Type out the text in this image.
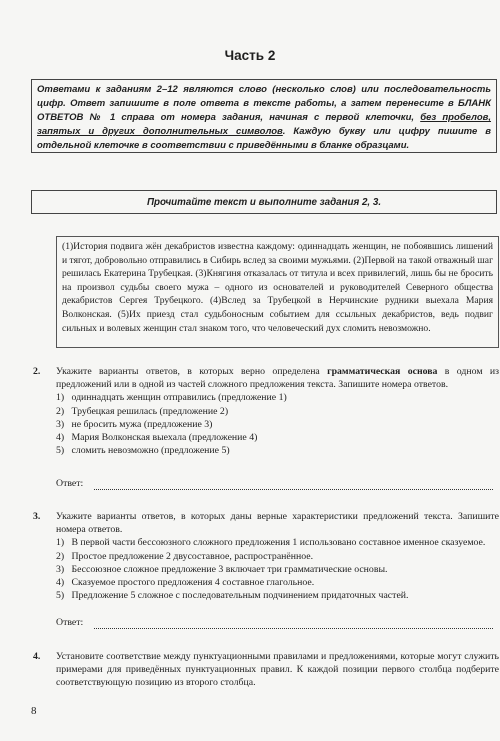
Часть 2
Ответами к заданиям 2–12 являются слово (несколько слов) или последовательность цифр. Ответ запишите в поле ответа в тексте работы, а затем перенесите в БЛАНК ОТВЕТОВ № 1 справа от номера задания, начиная с первой клеточки, без пробелов, запятых и других дополнительных символов. Каждую букву или цифру пишите в отдельной клеточке в соответствии с приведёнными в бланке образцами.
Прочитайте текст и выполните задания 2, 3.
(1)История подвига жён декабристов известна каждому: одиннадцать женщин, не побоявшись лишений и тягот, добровольно отправились в Сибирь вслед за своими мужьями. (2)Первой на такой отважный шаг решилась Екатерина Трубецкая. (3)Княгиня отказалась от титула и всех привилегий, лишь бы не бросить на произвол судьбы своего мужа – одного из основателей и руководителей Северного общества декабристов Сергея Трубецкого. (4)Вслед за Трубецкой в Нерчинские рудники выехала Мария Волконская. (5)Их приезд стал судьбоносным событием для ссыльных декабристов, ведь подвиг сильных и волевых женщин стал знаком того, что человеческий дух сломить невозможно.
2. Укажите варианты ответов, в которых верно определена грамматическая основа в одном из предложений или в одной из частей сложного предложения текста. Запишите номера ответов.
1) одиннадцать женщин отправились (предложение 1)
2) Трубецкая решилась (предложение 2)
3) не бросить мужа (предложение 3)
4) Мария Волконская выехала (предложение 4)
5) сломить невозможно (предложение 5)
Ответ:
3. Укажите варианты ответов, в которых даны верные характеристики предложений текста. Запишите номера ответов.
1) В первой части бессоюзного сложного предложения 1 использовано составное именное сказуемое.
2) Простое предложение 2 двусоставное, распространённое.
3) Бессоюзное сложное предложение 3 включает три грамматические основы.
4) Сказуемое простого предложения 4 составное глагольное.
5) Предложение 5 сложное с последовательным подчинением придаточных частей.
Ответ:
4. Установите соответствие между пунктуационными правилами и предложениями, которые могут служить примерами для приведённых пунктуационных правил. К каждой позиции первого столбца подберите соответствующую позицию из второго столбца.
8
